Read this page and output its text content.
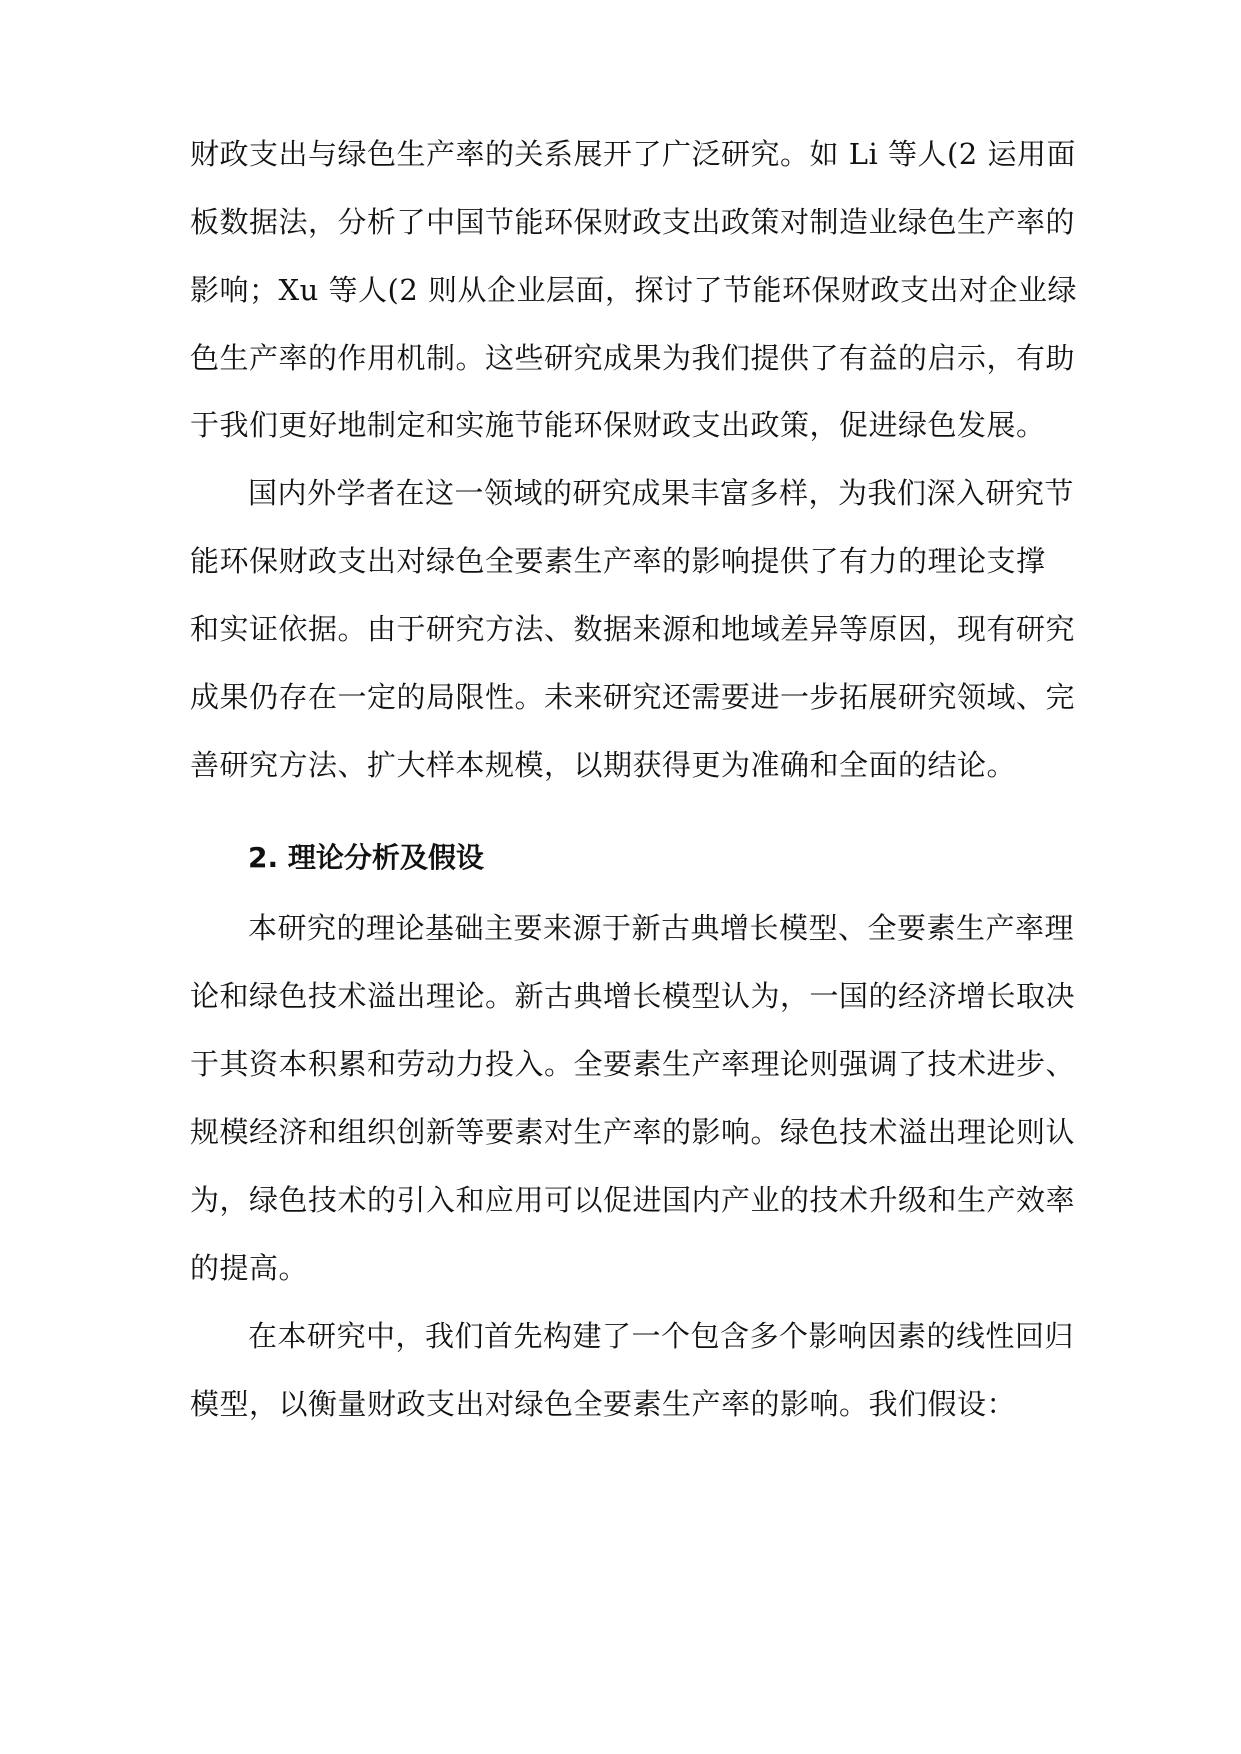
财政支出与绿色生产率的关系展开了广泛研究。如 Li 等人(2 运用面
板数据法，分析了中国节能环保财政支出政策对制造业绿色生产率的
影响；Xu 等人(2 则从企业层面，探讨了节能环保财政支出对企业绿
色生产率的作用机制。这些研究成果为我们提供了有益的启示，有助
于我们更好地制定和实施节能环保财政支出政策，促进绿色发展。
国内外学者在这一领域的研究成果丰富多样，为我们深入研究节
能环保财政支出对绿色全要素生产率的影响提供了有力的理论支撑
和实证依据。由于研究方法、数据来源和地域差异等原因，现有研究
成果仍存在一定的局限性。未来研究还需要进一步拓展研究领域、完
善研究方法、扩大样本规模，以期获得更为准确和全面的结论。
2. 理论分析及假设
本研究的理论基础主要来源于新古典增长模型、全要素生产率理
论和绿色技术溢出理论。新古典增长模型认为，一国的经济增长取决
于其资本积累和劳动力投入。全要素生产率理论则强调了技术进步、
规模经济和组织创新等要素对生产率的影响。绿色技术溢出理论则认
为，绿色技术的引入和应用可以促进国内产业的技术升级和生产效率
的提高。
在本研究中，我们首先构建了一个包含多个影响因素的线性回归
模型，以衡量财政支出对绿色全要素生产率的影响。我们假设：
